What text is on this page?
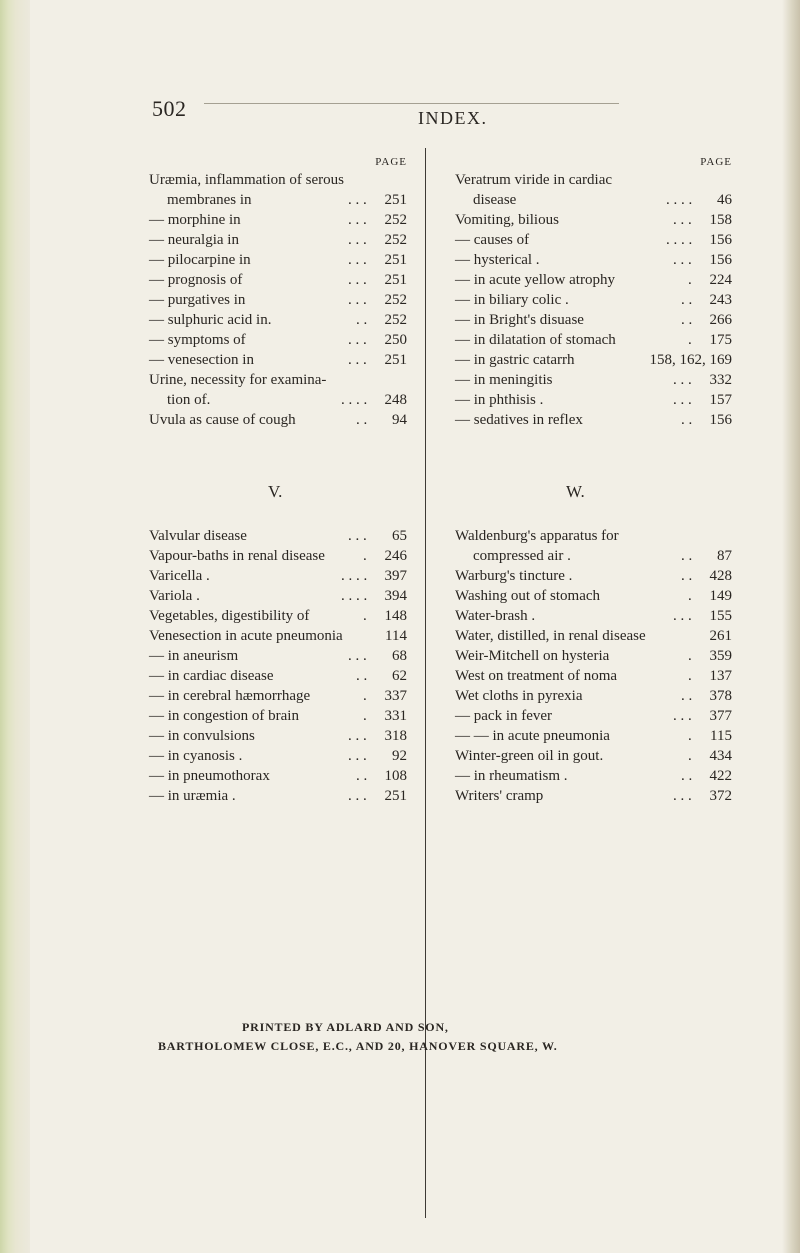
502	INDEX.
PAGE
Uræmia, inflammation of serous
membranes in	. . . 251
— morphine in	. . . 252
— neuralgia in	. . . 252
— pilocarpine in	. . . 251
— prognosis of	. . . 251
— purgatives in	. . . 252
— sulphuric acid in.	. . 252
— symptoms of	. . . 250
— venesection in	. . . 251
Urine, necessity for examina-
tion of.	. . . . 248
Uvula as cause of cough	. . 94
PAGE
Veratrum viride in cardiac
disease	. . . . 46
Vomiting, bilious	. . . 158
— causes of	. . . . 156
— hysterical .	. . . 156
— in acute yellow atrophy	. 224
— in biliary colic .	. . 243
— in Bright's disuase	. . 266
— in dilatation of stomach	. 175
— in gastric catarrh	158, 162, 169
— in meningitis	. . . 332
— in phthisis .	. . . 157
— sedatives in reflex	. . 156
V.	W.
Valvular disease	. . . 65
Vapour-baths in renal disease	. 246
Varicella .	. . . . 397
Variola .	. . . . 394
Vegetables, digestibility of	. 148
Venesection in acute pneumonia	114
— in aneurism	. . . 68
— in cardiac disease	. . 62
— in cerebral hæmorrhage	. 337
— in congestion of brain	. 331
— in convulsions	. . . 318
— in cyanosis .	. . . 92
— in pneumothorax	. . 108
— in uræmia .	. . . 251
Waldenburg's apparatus for
compressed air .	. . 87
Warburg's tincture .	. . 428
Washing out of stomach	. 149
Water-brash .	. . . 155
Water, distilled, in renal disease	261
Weir-Mitchell on hysteria	. 359
West on treatment of noma	. 137
Wet cloths in pyrexia	. . 378
— pack in fever	. . . 377
— — in acute pneumonia	. 115
Winter-green oil in gout.	. 434
— in rheumatism .	. . 422
Writers' cramp	. . . 372
PRINTED BY ADLARD AND SON,
BARTHOLOMEW CLOSE, E.C., AND 20, HANOVER SQUARE, W.
